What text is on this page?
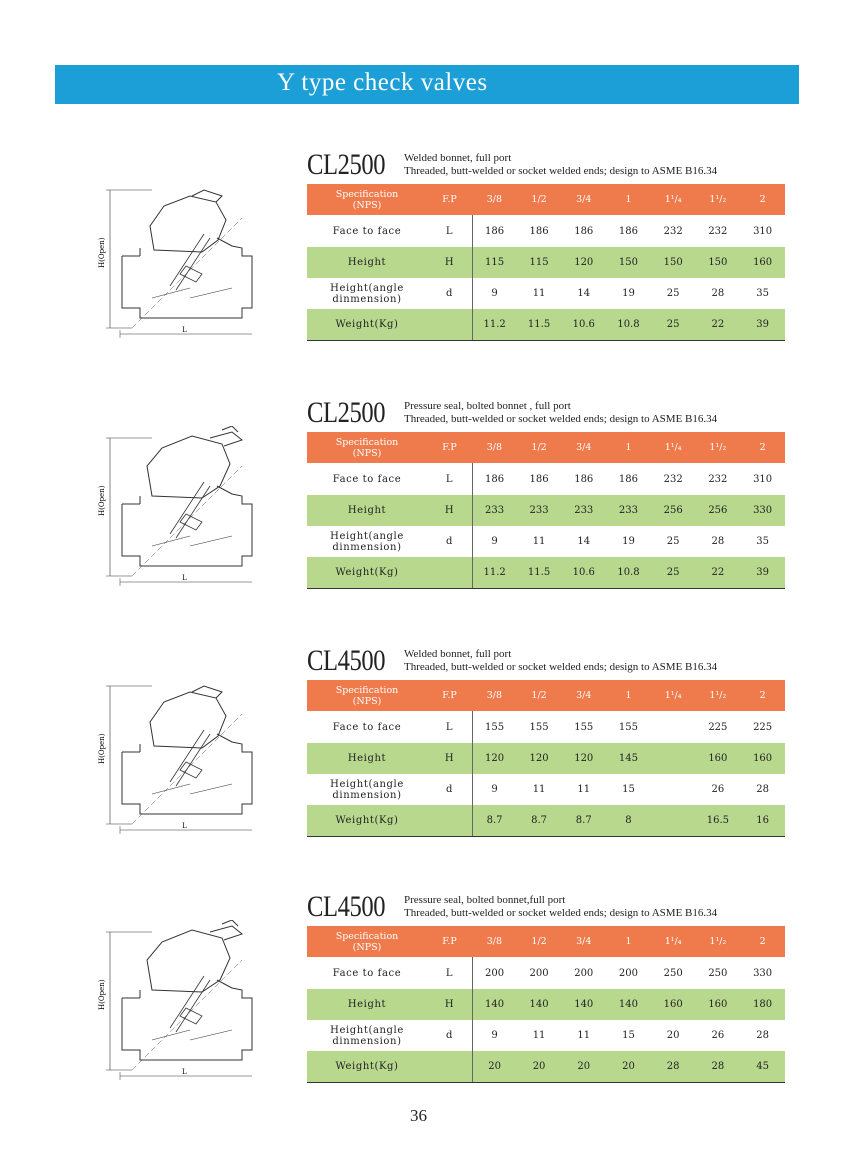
Y type check valves
H(Open)
L
CL2500 Welded bonnet, full port
Threaded, butt-welded or socket welded ends; design to ASME B16.34
Specification
(NPS)	F.P	3/8	1/2	3/4	1	1¹/₄	1¹/₂	2
Face to face	L	186	186	186	186	232	232	310
Height	H	115	115	120	150	150	150	160
Height(angle
dinmension)	d	9	11	14	19	25	28	35
Weight(Kg)		11.2	11.5	10.6	10.8	25	22	39
H(Open)
L
CL2500 Pressure seal, bolted bonnet , full port
Threaded, butt-welded or socket welded ends; design to ASME B16.34
Specification
(NPS)	F.P	3/8	1/2	3/4	1	1¹/₄	1¹/₂	2
Face to face	L	186	186	186	186	232	232	310
Height	H	233	233	233	233	256	256	330
Height(angle
dinmension)	d	9	11	14	19	25	28	35
Weight(Kg)		11.2	11.5	10.6	10.8	25	22	39
H(Open)
L
CL4500 Welded bonnet, full port
Threaded, butt-welded or socket welded ends; design to ASME B16.34
Specification
(NPS)	F.P	3/8	1/2	3/4	1	1¹/₄	1¹/₂	2
Face to face	L	155	155	155	155		225	225
Height	H	120	120	120	145		160	160
Height(angle
dinmension)	d	9	11	11	15		26	28
Weight(Kg)		8.7	8.7	8.7	8		16.5	16
H(Open)
L
CL4500 Pressure seal, bolted bonnet,full port
Threaded, butt-welded or socket welded ends; design to ASME B16.34
Specification
(NPS)	F.P	3/8	1/2	3/4	1	1¹/₄	1¹/₂	2
Face to face	L	200	200	200	200	250	250	330
Height	H	140	140	140	140	160	160	180
Height(angle
dinmension)	d	9	11	11	15	20	26	28
Weight(Kg)		20	20	20	20	28	28	45
36
